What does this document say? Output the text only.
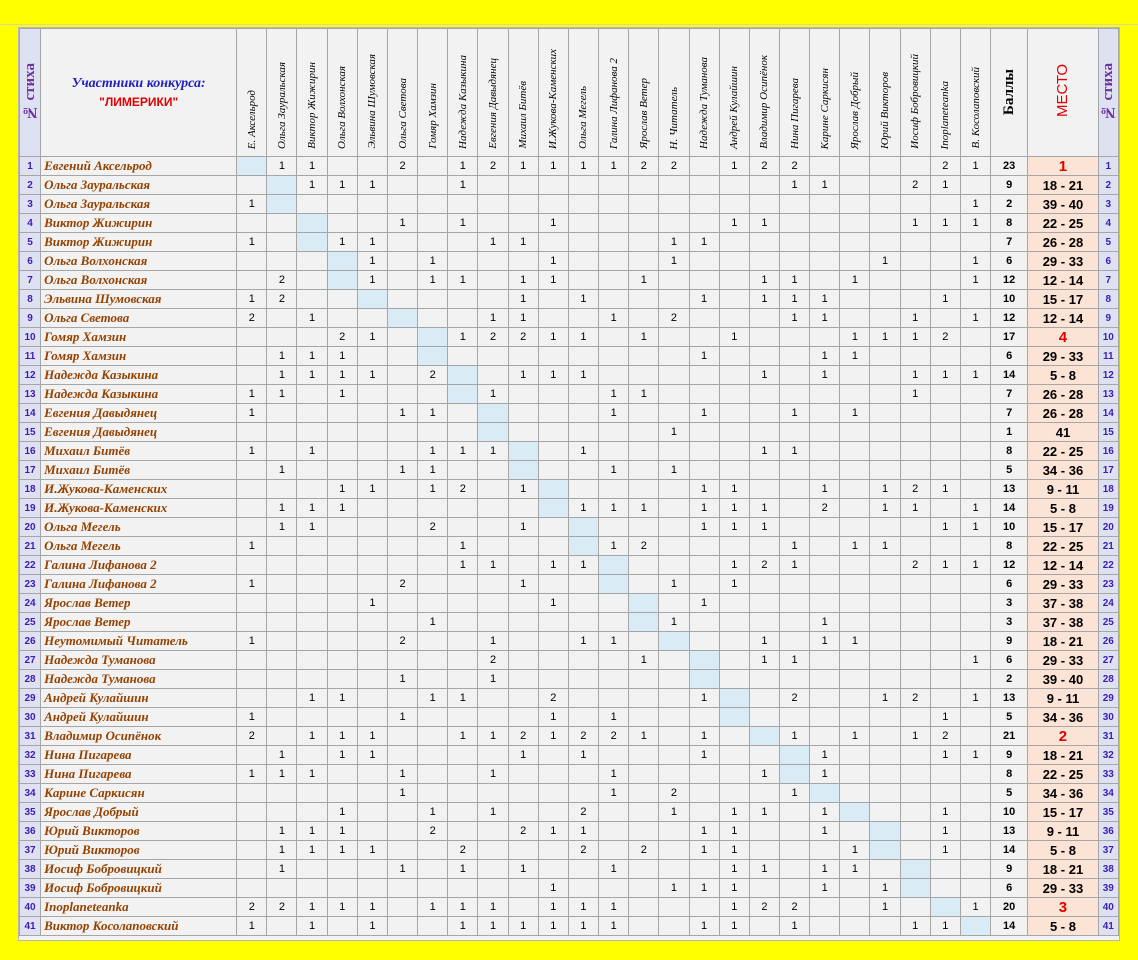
№ стиха	Участники конкурса:
"ЛИМЕРИКИ"	Е. Аксельрод	Ольга Зауральская	Виктор Жижирин	Ольга Волхонская	Эльвина Шумовская	Ольга Светова	Гомяр Хамзин	Надежда Казыкина	Евгения Давыдянец	Михаил Битёв	И.Жукова-Каменских	Ольга Мегель	Галина Лифанова 2	Ярослав Ветер	Н. Читатель	Надежда Туманова	Андрей Кулайшин	Владимир Осипёнок	Нина Пигарева	Карине Саркисян	Ярослав Добрый	Юрий Викторов	Иосиф Бобровицкий	Inoplaneteanka	В. Косолаповский	Баллы	МЕСТО	№ стиха
1	Евгений Аксельрод		1	1			2		1	2	1	1	1	1	2	2		1	2	2					2	1	23	1	1
2	Ольга Зауральская			1	1	1			1											1	1			2	1		9	18 - 21	2
3	Ольга Зауральская	1																								1	2	39 - 40	3
4	Виктор Жижирин						1		1			1						1	1					1	1	1	8	22 - 25	4
5	Виктор Жижирин	1			1	1				1	1					1	1										7	26 - 28	5
6	Ольга Волхонская					1		1				1				1							1			1	6	29 - 33	6
7	Ольга Волхонская		2			1		1	1		1	1			1				1	1		1				1	12	12 - 14	7
8	Эльвина Шумовская	1	2								1		1				1		1	1	1				1		10	15 - 17	8
9	Ольга Светова	2		1						1	1			1		2				1	1			1		1	12	12 - 14	9
10	Гомяр Хамзин				2	1			1	2	2	1	1		1			1				1	1	1	2		17	4	10
11	Гомяр Хамзин		1	1	1												1				1	1					6	29 - 33	11
12	Надежда Казыкина		1	1	1	1		2			1	1	1						1		1			1	1	1	14	5 - 8	12
13	Надежда Казыкина	1	1		1					1				1	1									1			7	26 - 28	13
14	Евгения Давыдянец	1					1	1						1			1			1		1					7	26 - 28	14
15	Евгения Давыдянец															1											1	41	15
16	Михаил Битёв	1		1				1	1	1			1						1	1							8	22 - 25	16
17	Михаил Битёв		1				1	1						1		1											5	34 - 36	17
18	И.Жукова-Каменских				1	1		1	2		1						1	1			1		1	2	1		13	9 - 11	18
19	И.Жукова-Каменских		1	1	1								1	1	1		1	1	1		2		1	1		1	14	5 - 8	19
20	Ольга Мегель		1	1				2			1						1	1	1						1	1	10	15 - 17	20
21	Ольга Мегель	1							1					1	2					1		1	1				8	22 - 25	21
22	Галина Лифанова 2								1	1		1	1					1	2	1				2	1	1	12	12 - 14	22
23	Галина Лифанова 2	1					2				1					1		1									6	29 - 33	23
24	Ярослав Ветер					1						1					1										3	37 - 38	24
25	Ярослав Ветер							1								1					1						3	37 - 38	25
26	Неутомимый Читатель	1					2			1			1	1					1		1	1					9	18 - 21	26
27	Надежда Туманова									2					1				1	1						1	6	29 - 33	27
28	Надежда Туманова						1			1																	2	39 - 40	28
29	Андрей Кулайшин			1	1			1	1			2					1			2			1	2		1	13	9 - 11	29
30	Андрей Кулайшин	1					1					1		1											1		5	34 - 36	30
31	Владимир Осипёнок	2		1	1	1			1	1	2	1	2	2	1		1			1		1		1	2		21	2	31
32	Нина Пигарева		1		1	1					1		1				1				1				1	1	9	18 - 21	32
33	Нина Пигарева	1	1	1			1			1				1					1		1						8	22 - 25	33
34	Карине Саркисян						1							1		2				1							5	34 - 36	34
35	Ярослав Добрый				1			1		1			2			1		1	1		1				1		10	15 - 17	35
36	Юрий Викторов		1	1	1			2			2	1	1				1	1			1				1		13	9 - 11	36
37	Юрий Викторов		1	1	1	1			2				2		2		1	1				1			1		14	5 - 8	37
38	Иосиф Бобровицкий		1				1		1		1			1				1	1		1	1					9	18 - 21	38
39	Иосиф Бобровицкий											1				1	1	1			1		1				6	29 - 33	39
40	Inoplaneteanka	2	2	1	1	1		1	1	1		1	1	1				1	2	2			1			1	20	3	40
41	Виктор Косолаповский	1		1		1			1	1	1	1	1	1			1	1		1				1	1		14	5 - 8	41
